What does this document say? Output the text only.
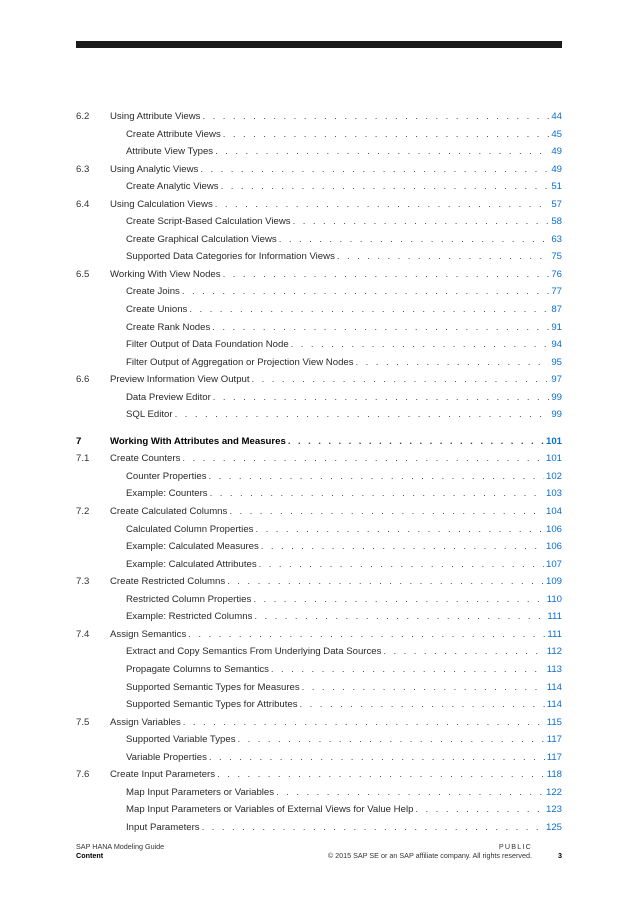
6.2 Using Attribute Views . . .	44
Create Attribute Views . . .	45
Attribute View Types . . .	49
6.3 Using Analytic Views . . .	49
Create Analytic Views . . .	51
6.4 Using Calculation Views . . .	57
Create Script-Based Calculation Views . . .	58
Create Graphical Calculation Views . . .	63
Supported Data Categories for Information Views . . .	75
6.5 Working With View Nodes . . .	76
Create Joins . . .	77
Create Unions . . .	87
Create Rank Nodes . . .	91
Filter Output of Data Foundation Node . . .	94
Filter Output of Aggregation or Projection View Nodes . . .	95
6.6 Preview Information View Output . . .	97
Data Preview Editor . . .	99
SQL Editor . . .	99
7	Working With Attributes and Measures . . .	101
7.1 Create Counters . . .	101
Counter Properties . . .	102
Example: Counters . . .	103
7.2 Create Calculated Columns . . .	104
Calculated Column Properties . . .	106
Example: Calculated Measures . . .	106
Example: Calculated Attributes . . .	107
7.3 Create Restricted Columns . . .	109
Restricted Column Properties . . .	110
Example: Restricted Columns . . .	111
7.4 Assign Semantics . . .	111
Extract and Copy Semantics From Underlying Data Sources . . .	112
Propagate Columns to Semantics . . .	113
Supported Semantic Types for Measures . . .	114
Supported Semantic Types for Attributes . . .	114
7.5 Assign Variables . . .	115
Supported Variable Types . . .	117
Variable Properties . . .	117
7.6 Create Input Parameters . . .	118
Map Input Parameters or Variables . . .	122
Map Input Parameters or Variables of External Views for Value Help . . .	123
Input Parameters . . .	125
SAP HANA Modeling Guide
Content
PUBLIC
© 2015 SAP SE or an SAP affiliate company. All rights reserved.	3
